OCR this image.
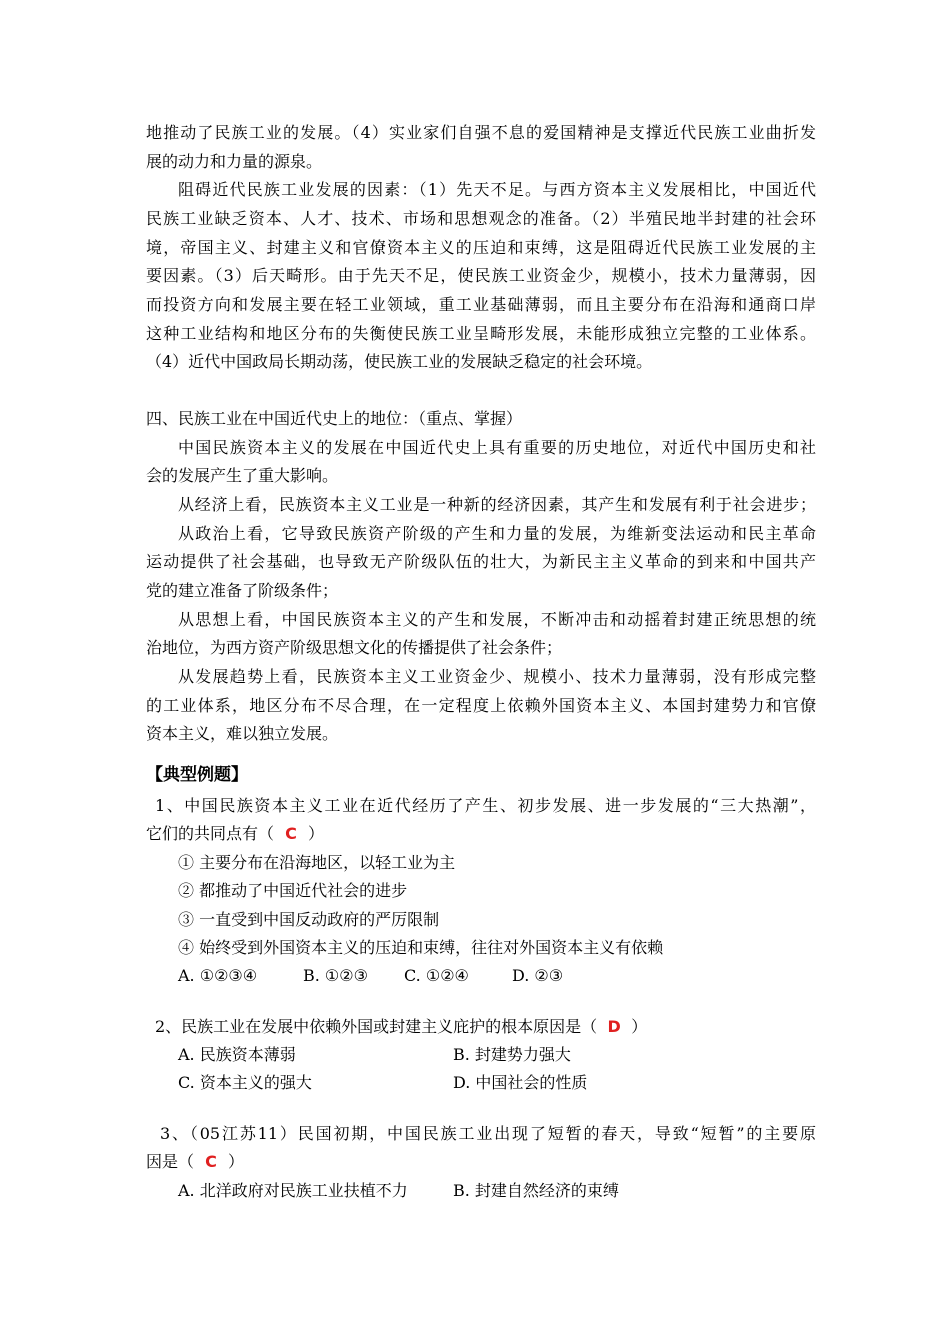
地推动了民族工业的发展。（4）实业家们自强不息的爱国精神是支撑近代民族工业曲折发
展的动力和力量的源泉。
阻碍近代民族工业发展的因素：（1）先天不足。与西方资本主义发展相比，中国近代
民族工业缺乏资本、人才、技术、市场和思想观念的准备。（2）半殖民地半封建的社会环
境，帝国主义、封建主义和官僚资本主义的压迫和束缚，这是阻碍近代民族工业发展的主
要因素。（3）后天畸形。由于先天不足，使民族工业资金少，规模小，技术力量薄弱，因
而投资方向和发展主要在轻工业领域，重工业基础薄弱，而且主要分布在沿海和通商口岸
这种工业结构和地区分布的失衡使民族工业呈畸形发展，未能形成独立完整的工业体系。
（4）近代中国政局长期动荡，使民族工业的发展缺乏稳定的社会环境。
四、民族工业在中国近代史上的地位：（重点、掌握）
中国民族资本主义的发展在中国近代史上具有重要的历史地位，对近代中国历史和社
会的发展产生了重大影响。
从经济上看，民族资本主义工业是一种新的经济因素，其产生和发展有利于社会进步；
从政治上看，它导致民族资产阶级的产生和力量的发展，为维新变法运动和民主革命
运动提供了社会基础，也导致无产阶级队伍的壮大，为新民主主义革命的到来和中国共产
党的建立准备了阶级条件；
从思想上看，中国民族资本主义的产生和发展，不断冲击和动摇着封建正统思想的统
治地位，为西方资产阶级思想文化的传播提供了社会条件；
从发展趋势上看，民族资本主义工业资金少、规模小、技术力量薄弱，没有形成完整
的工业体系，地区分布不尽合理，在一定程度上依赖外国资本主义、本国封建势力和官僚
资本主义，难以独立发展。
【典型例题】
1、中国民族资本主义工业在近代经历了产生、初步发展、进一步发展的“三大热潮”，
它们的共同点有（ C ）
① 主要分布在沿海地区，以轻工业为主
② 都推动了中国近代社会的进步
③ 一直受到中国反动政府的严厉限制
④ 始终受到外国资本主义的压迫和束缚，往往对外国资本主义有依赖
A. ①②③④	B. ①②③ C. ①②④	D. ②③
2、民族工业在发展中依赖外国或封建主义庇护的根本原因是（ D ）
A. 民族资本薄弱	B. 封建势力强大
C. 资本主义的强大	D. 中国社会的性质
3、（05江苏11）民国初期，中国民族工业出现了短暂的春天，导致“短暂”的主要原
因是（ C ）
A. 北洋政府对民族工业扶植不力	B. 封建自然经济的束缚
